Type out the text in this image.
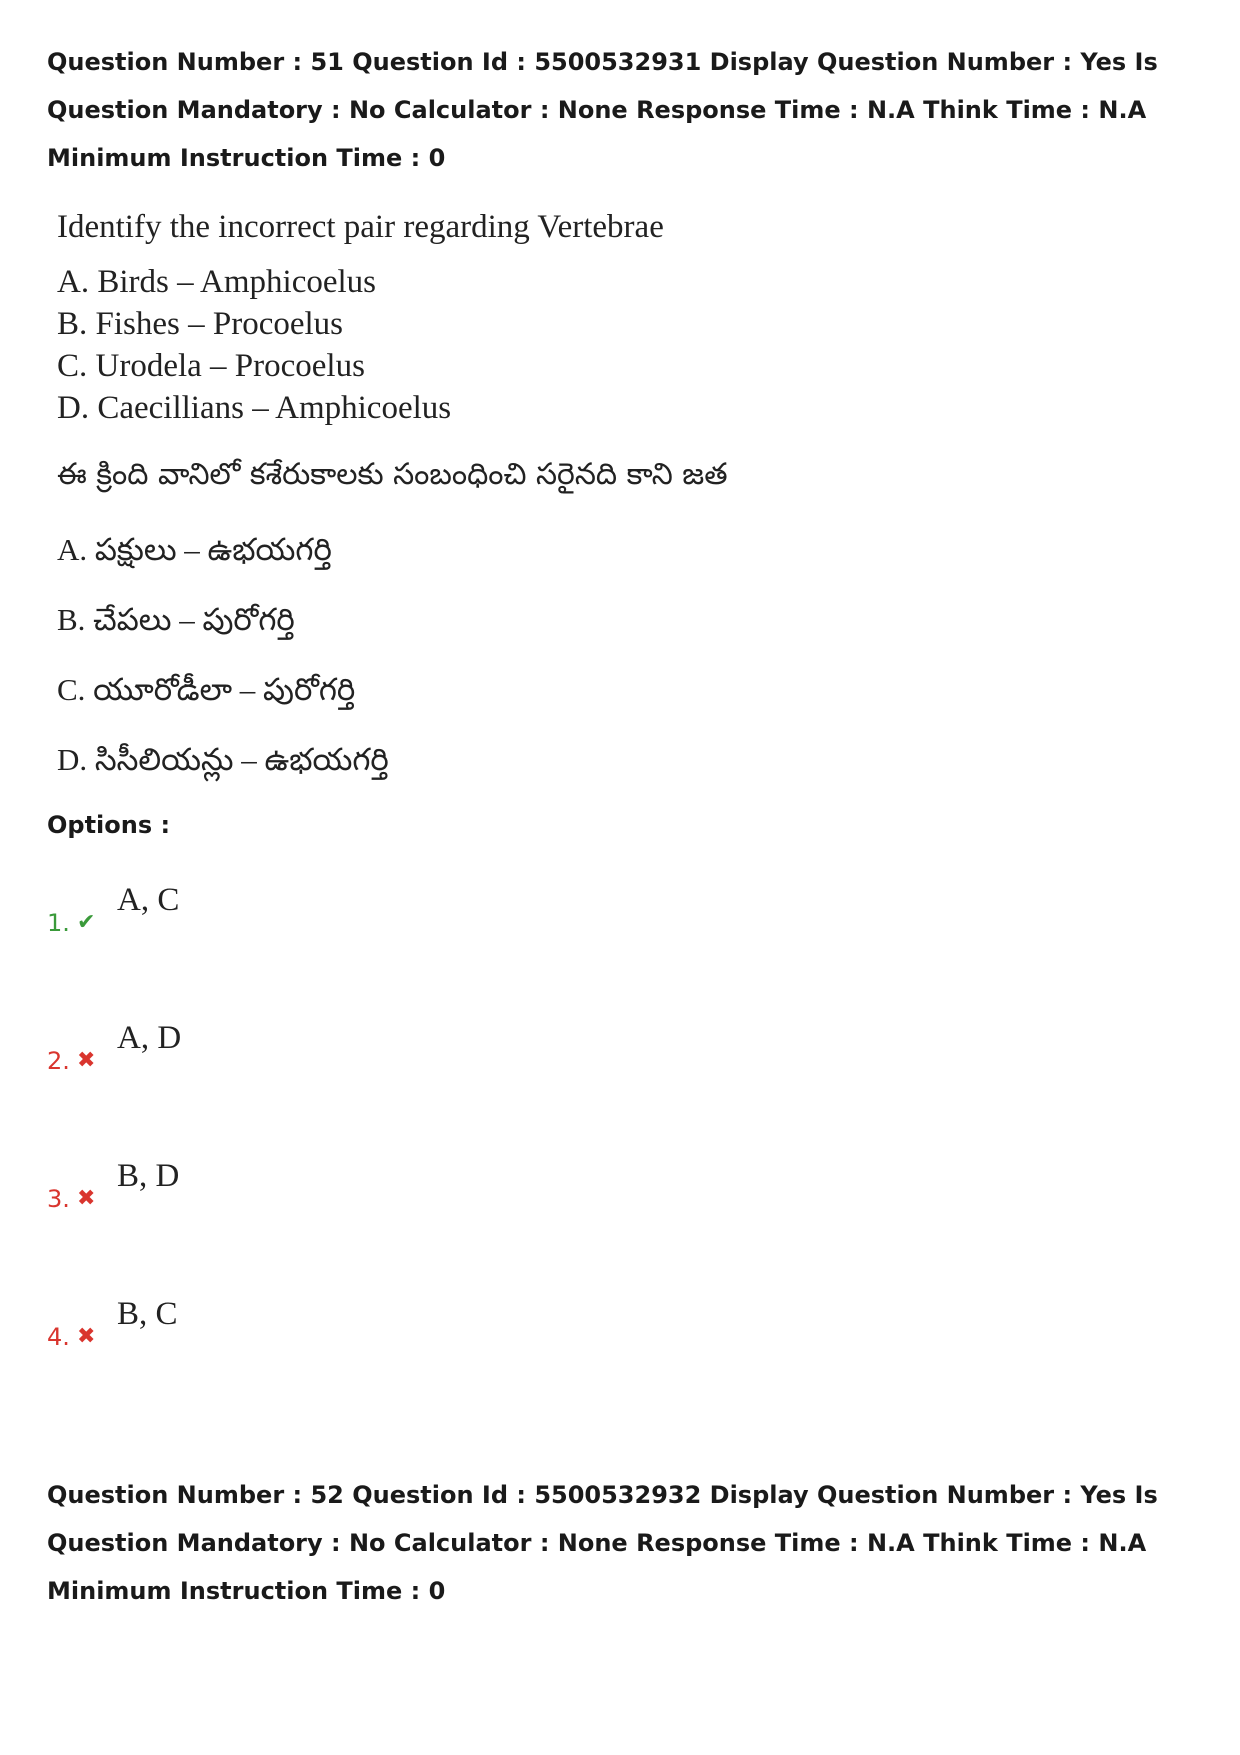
Question Number : 51 Question Id : 5500532931 Display Question Number : Yes Is Question Mandatory : No Calculator : None Response Time : N.A Think Time : N.A Minimum Instruction Time : 0

Identify the incorrect pair regarding Vertebrae

A. Birds – Amphicoelus

B. Fishes – Procoelus

C. Urodela – Procoelus

D. Caecillians – Amphicoelus

ఈ క్రింది వానిలో కశేరుకాలకు సంబంధించి సరైనది కాని జత

A. పక్షులు – ఉభయగర్తి

B. చేపలు – పురోగర్తి

C. యూరోడీలా – పురోగర్తి

D. సిసీలియన్లు – ఉభయగర్తి

Options :

1. ✔
A, C
2. ✖
A, D
3. ✖
B, D
4. ✖
B, C

Question Number : 52 Question Id : 5500532932 Display Question Number : Yes Is Question Mandatory : No Calculator : None Response Time : N.A Think Time : N.A Minimum Instruction Time : 0
